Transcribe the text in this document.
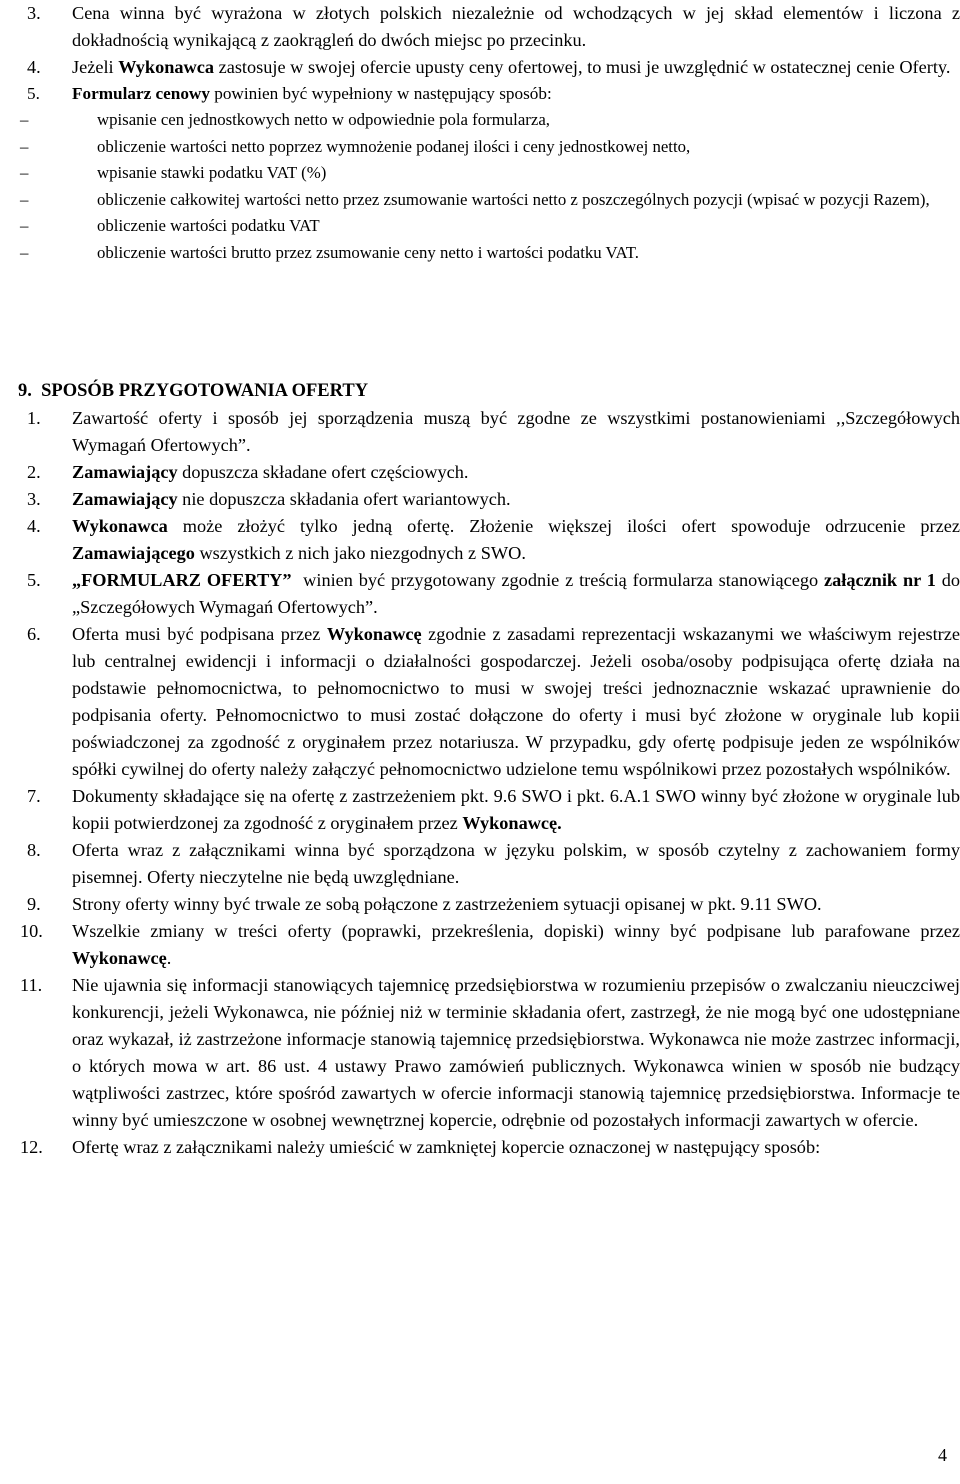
3. Cena winna być wyrażona w złotych polskich niezależnie od wchodzących w jej skład elementów i liczona z dokładnością wynikającą z zaokrągleń do dwóch miejsc po przecinku.
4. Jeżeli Wykonawca zastosuje w swojej ofercie upusty ceny ofertowej, to musi je uwzględnić w ostatecznej cenie Oferty.
5. Formularz cenowy powinien być wypełniony w następujący sposób:
–	wpisanie cen jednostkowych netto w odpowiednie pola formularza,
–	obliczenie wartości netto poprzez wymnożenie podanej ilości i ceny jednostkowej netto,
–	wpisanie stawki podatku VAT (%)
–	obliczenie całkowitej wartości netto przez zsumowanie wartości netto z poszczególnych pozycji (wpisać w pozycji Razem),
–	obliczenie wartości podatku VAT
–	obliczenie wartości brutto przez zsumowanie ceny netto i wartości podatku VAT.
9.  SPOSÓB PRZYGOTOWANIA OFERTY
1. Zawartość oferty i sposób jej sporządzenia muszą być zgodne ze wszystkimi postanowieniami ,,Szczegółowych Wymagań Ofertowych”.
2. Zamawiający dopuszcza składane ofert częściowych.
3. Zamawiający nie dopuszcza składania ofert wariantowych.
4. Wykonawca może złożyć tylko jedną ofertę. Złożenie większej ilości ofert spowoduje odrzucenie przez Zamawiającego wszystkich z nich jako niezgodnych z SWO.
5. „FORMULARZ OFERTY”  winien być przygotowany zgodnie z treścią formularza stanowiącego załącznik nr 1 do „Szczegółowych Wymagań Ofertowych”.
6. Oferta musi być podpisana przez Wykonawcę zgodnie z zasadami reprezentacji wskazanymi we właściwym rejestrze lub centralnej ewidencji i informacji o działalności gospodarczej. Jeżeli osoba/osoby podpisująca ofertę działa na podstawie pełnomocnictwa, to pełnomocnictwo to musi w swojej treści jednoznacznie wskazać uprawnienie do podpisania oferty. Pełnomocnictwo to musi zostać dołączone do oferty i musi być złożone w oryginale lub kopii poświadczonej za zgodność z oryginałem przez notariusza. W przypadku, gdy ofertę podpisuje jeden ze wspólników spółki cywilnej do oferty należy załączyć pełnomocnictwo udzielone temu wspólnikowi przez pozostałych wspólników.
7. Dokumenty składające się na ofertę z zastrzeżeniem pkt. 9.6 SWO i pkt. 6.A.1 SWO winny być złożone w oryginale lub kopii potwierdzonej za zgodność z oryginałem przez Wykonawcę.
8. Oferta wraz z załącznikami winna być sporządzona w języku polskim, w sposób czytelny z zachowaniem formy pisemnej. Oferty nieczytelne nie będą uwzględniane.
9. Strony oferty winny być trwale ze sobą połączone z zastrzeżeniem sytuacji opisanej w pkt. 9.11 SWO.
10. Wszelkie zmiany w treści oferty (poprawki, przekreślenia, dopiski) winny być podpisane lub parafowane przez Wykonawcę.
11. Nie ujawnia się informacji stanowiących tajemnicę przedsiębiorstwa w rozumieniu przepisów o zwalczaniu nieuczciwej konkurencji, jeżeli Wykonawca, nie później niż w terminie składania ofert, zastrzegł, że nie mogą być one udostępniane oraz wykazał, iż zastrzeżone informacje stanowią tajemnicę przedsiębiorstwa. Wykonawca nie może zastrzec informacji, o których mowa w art. 86 ust. 4 ustawy Prawo zamówień publicznych. Wykonawca winien w sposób nie budzący wątpliwości zastrzec, które spośród zawartych w ofercie informacji stanowią tajemnicę przedsiębiorstwa. Informacje te winny być umieszczone w osobnej wewnętrznej kopercie, odrębnie od pozostałych informacji zawartych w ofercie.
12. Ofertę wraz z załącznikami należy umieścić w zamkniętej kopercie oznaczonej w następujący sposób:
4
